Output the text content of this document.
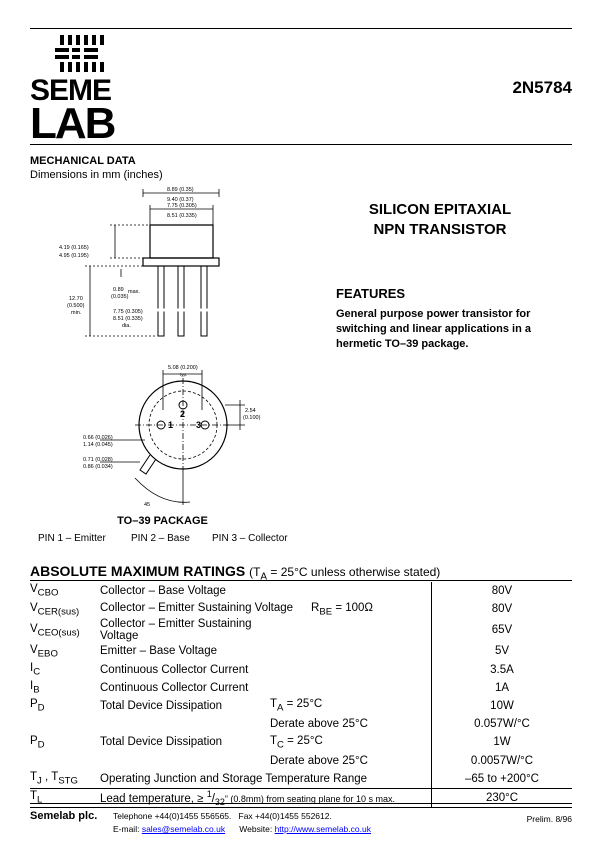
SEME
LAB
2N5784
MECHANICAL DATA
Dimensions in mm (inches)
8.89 (0.35)
9.40 (0.37)
7.75 (0.305)
8.51 (0.335)
4.19 (0.165)
4.95 (0.195)
0.89 max.
(0.035)
12.70
(0.500)
min.	7.75 (0.305)
8.51 (0.335)
dia.
5.08 (0.200)
typ.
2.54
(0.100)
0.66 (0.026)
1.14 (0.045)
0.71 (0.028)
0.86 (0.034)
45
2
1	3
TO–39 PACKAGE
PIN 1 – Emitter	PIN 2 – Base PIN 3 – Collector
SILICON EPITAXIAL
NPN TRANSISTOR
FEATURES
General purpose power transistor for
switching and linear applications in a
hermetic TO–39 package.
ABSOLUTE MAXIMUM RATINGS ($T_A = 25^\circ C$ unless otherwise stated)
$V_{CBO}$	Collector – Base Voltage		80V
$V_{CER(sus)}$	Collector – Emitter Sustaining Voltage $R_{BE} = 100\Omega$		80V
$V_{CEO(sus)}$	Collector – Emitter Sustaining Voltage		65V
$V_{EBO}$	Emitter – Base Voltage		5V
$I_C$	Continuous Collector Current		3.5A
$I_B$	Continuous Collector Current		1A
$P_D$	Total Device Dissipation	$T_A = 25^\circ C$	10W
		Derate above 25°C	0.057W/°C
$P_D$	Total Device Dissipation	$T_C = 25^\circ C$	1W
		Derate above 25°C	0.0057W/°C
$T_J$ , $T_{STG}$	Operating Junction and Storage Temperature Range		–65 to +200°C
$T_L$	Lead temperature, ≥ $^1/_{32}$” (0.8mm) from seating plane for 10 s max.		230°C
Semelab plc. Telephone +44(0)1455 556565. Fax +44(0)1455 552612.
E-mail: sales@semelab.co.uk Website: http://www.semelab.co.uk
Prelim. 8/96
